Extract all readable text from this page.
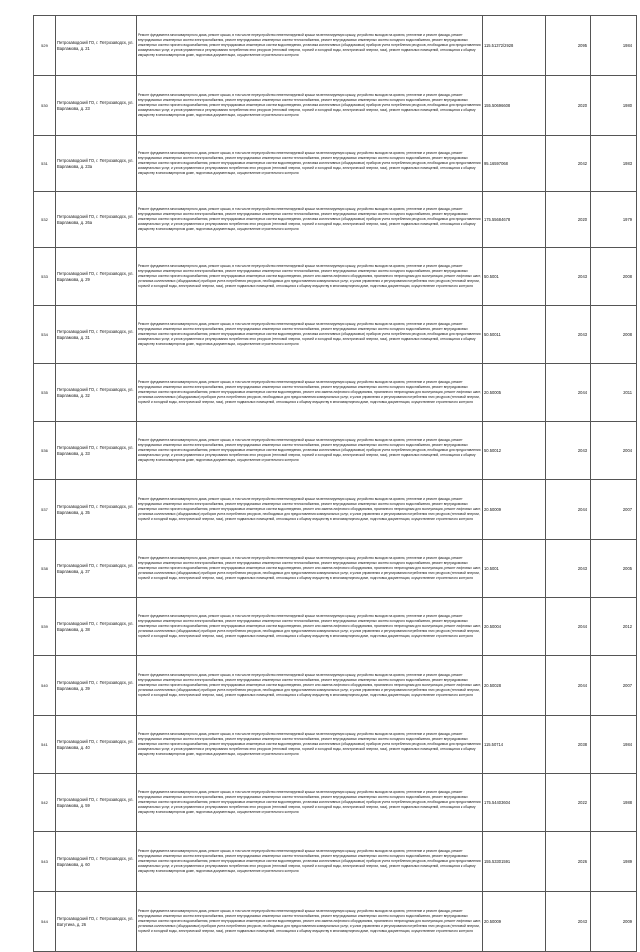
529	Петрозаводский ГО, г. Петрозаводск, ул. Варламова, д. 21	Ремонт фундамента многоквартирного дома, ремонт крыши, в том числе переустройство невентилируемой крыши на вентилируемую крышу, устройство выходов на кровлю, утепление и ремонт фасада, ремонт внутридомовых инженерных систем электроснабжения, ремонт внутридомовых инженерных систем теплоснабжения, ремонт внутридомовых инженерных систем холодного водоснабжения, ремонт внутридомовых инженерных систем горячего водоснабжения, ремонт внутридомовых инженерных систем водоотведения, установка коллективных (общедомовых) приборов учета потребления ресурсов, необходимых для предоставления коммунальных услуг, и узлов управления и регулирования потребления этих ресурсов (тепловой энергии, горячей и холодной воды, электрической энергии, газа), ремонт подвальных помещений, относящихся к общему имуществу в многоквартирном доме, подготовка документации, осуществление строительного контроля	115.51372/2928	2095	1984
530	Петрозаводский ГО, г. Петрозаводск, ул. Варламова, д. 23	Ремонт фундамента многоквартирного дома, ремонт крыши, в том числе переустройство невентилируемой крыши на вентилируемую крышу, устройство выходов на кровлю, утепление и ремонт фасада, ремонт внутридомовых инженерных систем электроснабжения, ремонт внутридомовых инженерных систем теплоснабжения, ремонт внутридомовых инженерных систем холодного водоснабжения, ремонт внутридомовых инженерных систем горячего водоснабжения, ремонт внутридомовых инженерных систем водоотведения, установка коллективных (общедомовых) приборов учета потребления ресурсов, необходимых для предоставления коммунальных услуг, и узлов управления и регулирования потребления этих ресурсов (тепловой энергии, горячей и холодной воды, электрической энергии, газа), ремонт подвальных помещений, относящихся к общему имуществу в многоквартирном доме, подготовка документации, осуществление строительного контроля	155.50696608	2020	1980
531	Петрозаводский ГО, г. Петрозаводск, ул. Варламова, д. 23а	Ремонт фундамента многоквартирного дома, ремонт крыши, в том числе переустройство невентилируемой крыши на вентилируемую крышу, устройство выходов на кровлю, утепление и ремонт фасада, ремонт внутридомовых инженерных систем электроснабжения, ремонт внутридомовых инженерных систем теплоснабжения, ремонт внутридомовых инженерных систем холодного водоснабжения, ремонт внутридомовых инженерных систем горячего водоснабжения, ремонт внутридомовых инженерных систем водоотведения, установка коллективных (общедомовых) приборов учета потребления ресурсов, необходимых для предоставления коммунальных услуг, и узлов управления и регулирования потребления этих ресурсов (тепловой энергии, горячей и холодной воды, электрической энергии, газа), ремонт подвальных помещений, относящихся к общему имуществу в многоквартирном доме, подготовка документации, осуществление строительного контроля	95.16597068	2042	1983
532	Петрозаводский ГО, г. Петрозаводск, ул. Варламова, д. 26а	Ремонт фундамента многоквартирного дома, ремонт крыши, в том числе переустройство невентилируемой крыши на вентилируемую крышу, устройство выходов на кровлю, утепление и ремонт фасада, ремонт внутридомовых инженерных систем электроснабжения, ремонт внутридомовых инженерных систем теплоснабжения, ремонт внутридомовых инженерных систем холодного водоснабжения, ремонт внутридомовых инженерных систем горячего водоснабжения, ремонт внутридомовых инженерных систем водоотведения, установка коллективных (общедомовых) приборов учета потребления ресурсов, необходимых для предоставления коммунальных услуг, и узлов управления и регулирования потребления этих ресурсов (тепловой энергии, горячей и холодной воды, электрической энергии, газа), ремонт подвальных помещений, относящихся к общему имуществу в многоквартирном доме, подготовка документации, осуществление строительного контроля	175.55684678	2020	1979
533	Петрозаводский ГО, г. Петрозаводск, ул. Варламова, д. 29	Ремонт фундамента многоквартирного дома, ремонт крыши, в том числе переустройство невентилируемой крыши на вентилируемую крышу, устройство выходов на кровлю, утепление и ремонт фасада, ремонт внутридомовых инженерных систем электроснабжения, ремонт внутридомовых инженерных систем теплоснабжения, ремонт внутридомовых инженерных систем холодного водоснабжения, ремонт внутридомовых инженерных систем горячего водоснабжения, ремонт внутридомовых инженерных систем водоотведения, ремонт или замена лифтового оборудования, признанного непригодным для эксплуатации, ремонт лифтовых шахт, установка коллективных (общедомовых) приборов учета потребления ресурсов, необходимых для предоставления коммунальных услуг, и узлов управления и регулирования потребления этих ресурсов (тепловой энергии, горячей и холодной воды, электрической энергии, газа), ремонт подвальных помещений, относящихся к общему имуществу в многоквартирном доме, подготовка документации, осуществление строительного контроля	50.5001	2043	2008
534	Петрозаводский ГО, г. Петрозаводск, ул. Варламова, д. 31	Ремонт фундамента многоквартирного дома, ремонт крыши, в том числе переустройство невентилируемой крыши на вентилируемую крышу, устройство выходов на кровлю, утепление и ремонт фасада, ремонт внутридомовых инженерных систем электроснабжения, ремонт внутридомовых инженерных систем теплоснабжения, ремонт внутридомовых инженерных систем холодного водоснабжения, ремонт внутридомовых инженерных систем горячего водоснабжения, ремонт внутридомовых инженерных систем водоотведения, установка коллективных (общедомовых) приборов учета потребления ресурсов, необходимых для предоставления коммунальных услуг, и узлов управления и регулирования потребления этих ресурсов (тепловой энергии, горячей и холодной воды, электрической энергии, газа), ремонт подвальных помещений, относящихся к общему имуществу в многоквартирном доме, подготовка документации, осуществление строительного контроля	50.50011	2043	2008
535	Петрозаводский ГО, г. Петрозаводск, ул. Варламова, д. 32	Ремонт фундамента многоквартирного дома, ремонт крыши, в том числе переустройство невентилируемой крыши на вентилируемую крышу, устройство выходов на кровлю, утепление и ремонт фасада, ремонт внутридомовых инженерных систем электроснабжения, ремонт внутридомовых инженерных систем теплоснабжения, ремонт внутридомовых инженерных систем холодного водоснабжения, ремонт внутридомовых инженерных систем горячего водоснабжения, ремонт внутридомовых инженерных систем водоотведения, ремонт или замена лифтового оборудования, признанного непригодным для эксплуатации, ремонт лифтовых шахт, установка коллективных (общедомовых) приборов учета потребления ресурсов, необходимых для предоставления коммунальных услуг, и узлов управления и регулирования потребления этих ресурсов (тепловой энергии, горячей и холодной воды, электрической энергии, газа), ремонт подвальных помещений, относящихся к общему имуществу в многоквартирном доме, подготовка документации, осуществление строительного контроля	20.50005	2044	2011
536	Петрозаводский ГО, г. Петрозаводск, ул. Варламова, д. 33	Ремонт фундамента многоквартирного дома, ремонт крыши, в том числе переустройство невентилируемой крыши на вентилируемую крышу, устройство выходов на кровлю, утепление и ремонт фасада, ремонт внутридомовых инженерных систем электроснабжения, ремонт внутридомовых инженерных систем теплоснабжения, ремонт внутридомовых инженерных систем холодного водоснабжения, ремонт внутридомовых инженерных систем горячего водоснабжения, ремонт внутридомовых инженерных систем водоотведения, установка коллективных (общедомовых) приборов учета потребления ресурсов, необходимых для предоставления коммунальных услуг, и узлов управления и регулирования потребления этих ресурсов (тепловой энергии, горячей и холодной воды, электрической энергии, газа), ремонт подвальных помещений, относящихся к общему имуществу в многоквартирном доме, подготовка документации, осуществление строительного контроля	50.50012	2043	2004
537	Петрозаводский ГО, г. Петрозаводск, ул. Варламова, д. 35	Ремонт фундамента многоквартирного дома, ремонт крыши, в том числе переустройство невентилируемой крыши на вентилируемую крышу, устройство выходов на кровлю, утепление и ремонт фасада, ремонт внутридомовых инженерных систем электроснабжения, ремонт внутридомовых инженерных систем теплоснабжения, ремонт внутридомовых инженерных систем холодного водоснабжения, ремонт внутридомовых инженерных систем горячего водоснабжения, ремонт внутридомовых инженерных систем водоотведения, ремонт или замена лифтового оборудования, признанного непригодным для эксплуатации, ремонт лифтовых шахт, установка коллективных (общедомовых) приборов учета потребления ресурсов, необходимых для предоставления коммунальных услуг, и узлов управления и регулирования потребления этих ресурсов (тепловой энергии, горячей и холодной воды, электрической энергии, газа), ремонт подвальных помещений, относящихся к общему имуществу в многоквартирном доме, подготовка документации, осуществление строительного контроля	20.50009	2044	2007
538	Петрозаводский ГО, г. Петрозаводск, ул. Варламова, д. 37	Ремонт фундамента многоквартирного дома, ремонт крыши, в том числе переустройство невентилируемой крыши на вентилируемую крышу, устройство выходов на кровлю, утепление и ремонт фасада, ремонт внутридомовых инженерных систем электроснабжения, ремонт внутридомовых инженерных систем теплоснабжения, ремонт внутридомовых инженерных систем холодного водоснабжения, ремонт внутридомовых инженерных систем горячего водоснабжения, ремонт внутридомовых инженерных систем водоотведения, ремонт или замена лифтового оборудования, признанного непригодным для эксплуатации, ремонт лифтовых шахт, установка коллективных (общедомовых) приборов учета потребления ресурсов, необходимых для предоставления коммунальных услуг, и узлов управления и регулирования потребления этих ресурсов (тепловой энергии, горячей и холодной воды, электрической энергии, газа), ремонт подвальных помещений, относящихся к общему имуществу в многоквартирном доме, подготовка документации, осуществление строительного контроля	10.5001	2043	2005
539	Петрозаводский ГО, г. Петрозаводск, ул. Варламова, д. 38	Ремонт фундамента многоквартирного дома, ремонт крыши, в том числе переустройство невентилируемой крыши на вентилируемую крышу, устройство выходов на кровлю, утепление и ремонт фасада, ремонт внутридомовых инженерных систем электроснабжения, ремонт внутридомовых инженерных систем теплоснабжения, ремонт внутридомовых инженерных систем холодного водоснабжения, ремонт внутридомовых инженерных систем горячего водоснабжения, ремонт внутридомовых инженерных систем водоотведения, ремонт или замена лифтового оборудования, признанного непригодным для эксплуатации, ремонт лифтовых шахт, установка коллективных (общедомовых) приборов учета потребления ресурсов, необходимых для предоставления коммунальных услуг, и узлов управления и регулирования потребления этих ресурсов (тепловой энергии, горячей и холодной воды, электрической энергии, газа), ремонт подвальных помещений, относящихся к общему имуществу в многоквартирном доме, подготовка документации, осуществление строительного контроля	20.50004	2044	2012
540	Петрозаводский ГО, г. Петрозаводск, ул. Варламова, д. 39	Ремонт фундамента многоквартирного дома, ремонт крыши, в том числе переустройство невентилируемой крыши на вентилируемую крышу, устройство выходов на кровлю, утепление и ремонт фасада, ремонт внутридомовых инженерных систем электроснабжения, ремонт внутридомовых инженерных систем теплоснабжения, ремонт внутридомовых инженерных систем холодного водоснабжения, ремонт внутридомовых инженерных систем горячего водоснабжения, ремонт внутридомовых инженерных систем водоотведения, ремонт или замена лифтового оборудования, признанного непригодным для эксплуатации, ремонт лифтовых шахт, установка коллективных (общедомовых) приборов учета потребления ресурсов, необходимых для предоставления коммунальных услуг, и узлов управления и регулирования потребления этих ресурсов (тепловой энергии, горячей и холодной воды, электрической энергии, газа), ремонт подвальных помещений, относящихся к общему имуществу в многоквартирном доме, подготовка документации, осуществление строительного контроля	20.50028	2044	2007
541	Петрозаводский ГО, г. Петрозаводск, ул. Варламова, д. 40	Ремонт фундамента многоквартирного дома, ремонт крыши, в том числе переустройство невентилируемой крыши на вентилируемую крышу, устройство выходов на кровлю, утепление и ремонт фасада, ремонт внутридомовых инженерных систем электроснабжения, ремонт внутридомовых инженерных систем теплоснабжения, ремонт внутридомовых инженерных систем холодного водоснабжения, ремонт внутридомовых инженерных систем горячего водоснабжения, ремонт внутридомовых инженерных систем водоотведения, установка коллективных (общедомовых) приборов учета потребления ресурсов, необходимых для предоставления коммунальных услуг, и узлов управления и регулирования потребления этих ресурсов (тепловой энергии, горячей и холодной воды, электрической энергии, газа), ремонт подвальных помещений, относящихся к общему имуществу в многоквартирном доме, подготовка документации, осуществление строительного контроля	115.50714	2038	1984
542	Петрозаводский ГО, г. Петрозаводск, ул. Варламова, д. 59	Ремонт фундамента многоквартирного дома, ремонт крыши, в том числе переустройство невентилируемой крыши на вентилируемую крышу, устройство выходов на кровлю, утепление и ремонт фасада, ремонт внутридомовых инженерных систем электроснабжения, ремонт внутридомовых инженерных систем теплоснабжения, ремонт внутридомовых инженерных систем холодного водоснабжения, ремонт внутридомовых инженерных систем горячего водоснабжения, ремонт внутридомовых инженерных систем водоотведения, установка коллективных (общедомовых) приборов учета потребления ресурсов, необходимых для предоставления коммунальных услуг, и узлов управления и регулирования потребления этих ресурсов (тепловой энергии, горячей и холодной воды, электрической энергии, газа), ремонт подвальных помещений, относящихся к общему имуществу в многоквартирном доме, подготовка документации, осуществление строительного контроля	175.54403604	2022	1988
543	Петрозаводский ГО, г. Петрозаводск, ул. Варламова, д. 60	Ремонт фундамента многоквартирного дома, ремонт крыши, в том числе переустройство невентилируемой крыши на вентилируемую крышу, устройство выходов на кровлю, утепление и ремонт фасада, ремонт внутридомовых инженерных систем электроснабжения, ремонт внутридомовых инженерных систем теплоснабжения, ремонт внутридомовых инженерных систем холодного водоснабжения, ремонт внутридомовых инженерных систем горячего водоснабжения, ремонт внутридомовых инженерных систем водоотведения, установка коллективных (общедомовых) приборов учета потребления ресурсов, необходимых для предоставления коммунальных услуг, и узлов управления и регулирования потребления этих ресурсов (тепловой энергии, горячей и холодной воды, электрической энергии, газа), ремонт подвальных помещений, относящихся к общему имуществу в многоквартирном доме, подготовка документации, осуществление строительного контроля	155.53301591	2026	1989
544	Петрозаводский ГО, г. Петрозаводск, ул. Ватутина, д. 26	Ремонт фундамента многоквартирного дома, ремонт крыши, в том числе переустройство невентилируемой крыши на вентилируемую крышу, устройство выходов на кровлю, утепление и ремонт фасада, ремонт внутридомовых инженерных систем электроснабжения, ремонт внутридомовых инженерных систем теплоснабжения, ремонт внутридомовых инженерных систем холодного водоснабжения, ремонт внутридомовых инженерных систем горячего водоснабжения, ремонт внутридомовых инженерных систем водоотведения, ремонт или замена лифтового оборудования, признанного непригодным для эксплуатации, ремонт лифтовых шахт, установка коллективных (общедомовых) приборов учета потребления ресурсов, необходимых для предоставления коммунальных услуг, и узлов управления и регулирования потребления этих ресурсов (тепловой энергии, горячей и холодной воды, электрической энергии, газа), ремонт подвальных помещений, относящихся к общему имуществу в многоквартирном доме, подготовка документации, осуществление строительного контроля	20.50009	2043	2009
